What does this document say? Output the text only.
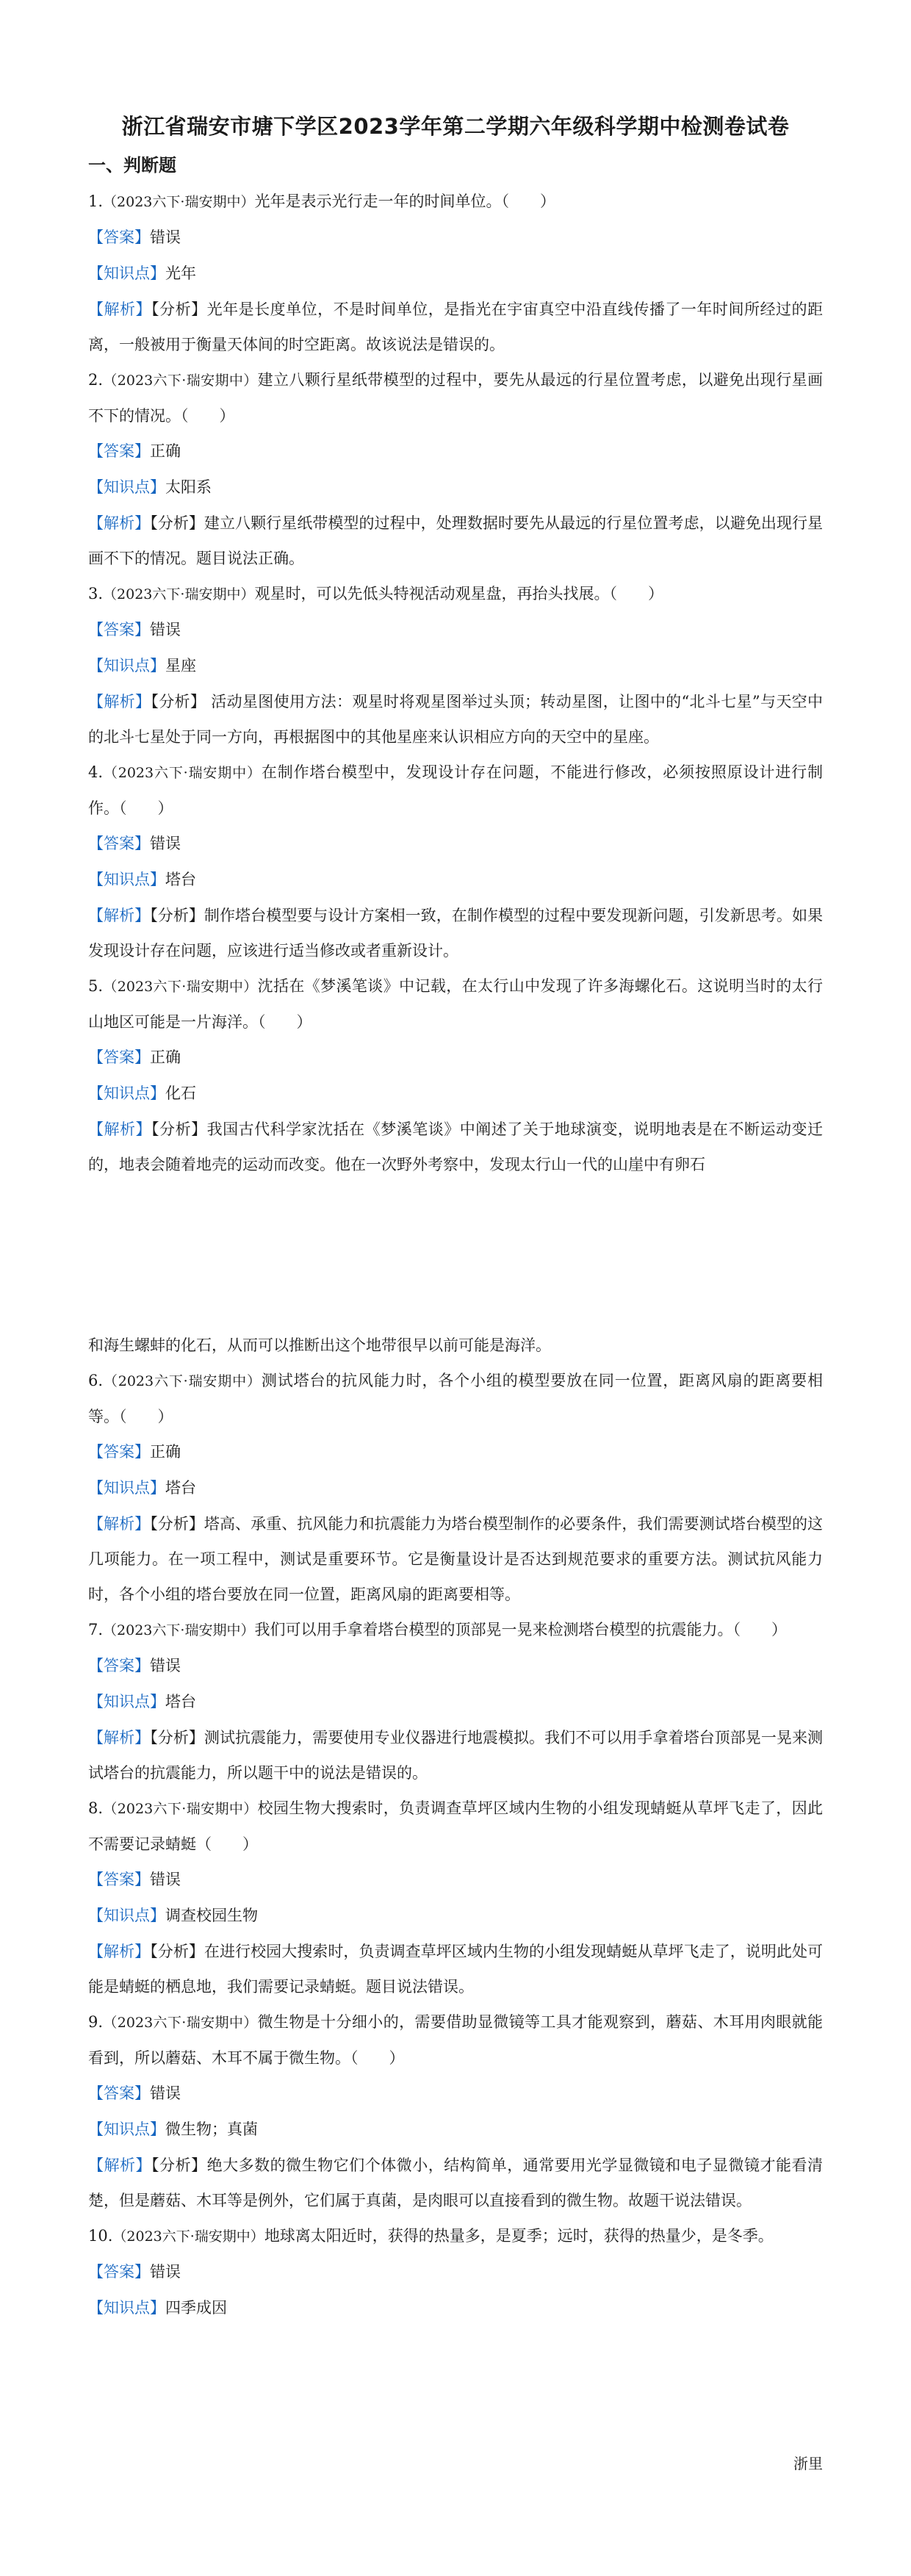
浙江省瑞安市塘下学区2023学年第二学期六年级科学期中检测卷试卷
一、判断题

1.（2023六下·瑞安期中）光年是表示光行走一年的时间单位。（　　）

【答案】错误

【知识点】光年

【解析】【分析】光年是长度单位，不是时间单位，是指光在宇宙真空中沿直线传播了一年时间所经过的距离，一般被用于衡量天体间的时空距离。故该说法是错误的。

2.（2023六下·瑞安期中）建立八颗行星纸带模型的过程中，要先从最远的行星位置考虑，以避免出现行星画不下的情况。（　　）

【答案】正确

【知识点】太阳系

【解析】【分析】建立八颗行星纸带模型的过程中，处理数据时要先从最远的行星位置考虑，以避免出现行星画不下的情况。题目说法正确。

3.（2023六下·瑞安期中）观星时，可以先低头特视活动观星盘，再抬头找展。（　　）

【答案】错误

【知识点】星座

【解析】【分析】 活动星图使用方法：观星时将观星图举过头顶；转动星图，让图中的“北斗七星”与天空中的北斗七星处于同一方向，再根据图中的其他星座来认识相应方向的天空中的星座。

4.（2023六下·瑞安期中）在制作塔台模型中，发现设计存在问题，不能进行修改，必须按照原设计进行制作。（　　）

【答案】错误

【知识点】塔台

【解析】【分析】制作塔台模型要与设计方案相一致，在制作模型的过程中要发现新问题，引发新思考。如果发现设计存在问题，应该进行适当修改或者重新设计。

5.（2023六下·瑞安期中）沈括在《梦溪笔谈》中记载，在太行山中发现了许多海螺化石。这说明当时的太行山地区可能是一片海洋。（　　）

【答案】正确

【知识点】化石

【解析】【分析】我国古代科学家沈括在《梦溪笔谈》中阐述了关于地球演变，说明地表是在不断运动变迁的，地表会随着地壳的运动而改变。他在一次野外考察中，发现太行山一代的山崖中有卵石

和海生螺蚌的化石，从而可以推断出这个地带很早以前可能是海洋。

6.（2023六下·瑞安期中）测试塔台的抗风能力时，各个小组的模型要放在同一位置，距离风扇的距离要相等。（　　）

【答案】正确

【知识点】塔台

【解析】【分析】塔高、承重、抗风能力和抗震能力为塔台模型制作的必要条件，我们需要测试塔台模型的这几项能力。在一项工程中，测试是重要环节。它是衡量设计是否达到规范要求的重要方法。测试抗风能力时，各个小组的塔台要放在同一位置，距离风扇的距离要相等。

7.（2023六下·瑞安期中）我们可以用手拿着塔台模型的顶部晃一晃来检测塔台模型的抗震能力。（　　）

【答案】错误

【知识点】塔台

【解析】【分析】测试抗震能力，需要使用专业仪器进行地震模拟。我们不可以用手拿着塔台顶部晃一晃来测试塔台的抗震能力，所以题干中的说法是错误的。

8.（2023六下·瑞安期中）校园生物大搜索时，负责调查草坪区域内生物的小组发现蜻蜓从草坪飞走了，因此不需要记录蜻蜓（　　）

【答案】错误

【知识点】调查校园生物

【解析】【分析】在进行校园大搜索时，负责调查草坪区域内生物的小组发现蜻蜓从草坪飞走了，说明此处可能是蜻蜓的栖息地，我们需要记录蜻蜓。题目说法错误。

9.（2023六下·瑞安期中）微生物是十分细小的，需要借助显微镜等工具才能观察到，蘑菇、木耳用肉眼就能看到，所以蘑菇、木耳不属于微生物。（　　）

【答案】错误

【知识点】微生物；真菌

【解析】【分析】绝大多数的微生物它们个体微小，结构简单，通常要用光学显微镜和电子显微镜才能看清楚，但是蘑菇、木耳等是例外，它们属于真菌，是肉眼可以直接看到的微生物。故题干说法错误。

10.（2023六下·瑞安期中）地球离太阳近时，获得的热量多，是夏季；远时，获得的热量少，是冬季。

【答案】错误

【知识点】四季成因

浙里
